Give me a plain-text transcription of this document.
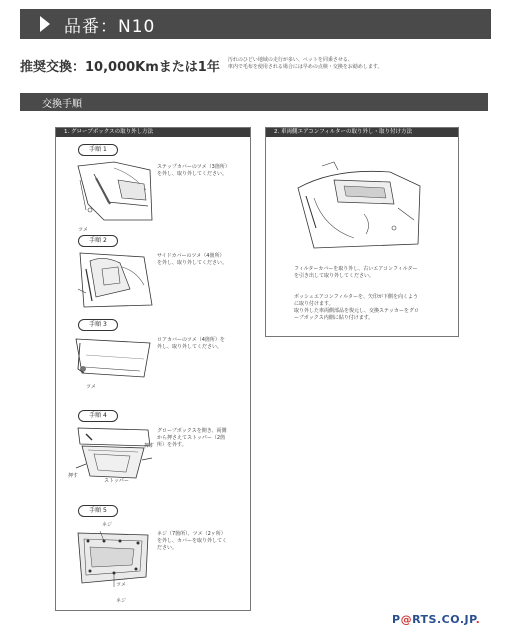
品番：N10
推奨交換：10,000Kmまたは1年 汚れのひどい地域の走行が多い、ペットを同乗させる、
車内で毛布を使用される場合には早めの点検・交換をお勧めします。
交換手順
1. グローブボックスの取り外し方法
手順 1
ツメ
ステップカバーのツメ（3箇所）
を外し、取り外してください。
手順 2
サイドカバーのツメ（4箇所）
を外し、取り外してください。
手順 3
ツメ
ロアカバーのツメ（4箇所）を
外し、取り外してください。
手順 4
押す
押す
ストッパー
グローブボックスを開き、両側
から押さえてストッパー（2箇
所）を外す。
手順 5
ネジ
ツメ
ネジ
ネジ（7箇所）、ツメ（2ヶ所）
を外し、カバーを取り外してく
ださい。
2. 車両側エアコンフィルターの取り外し・取り付け方法
フィルターカバーを取り外し、古いエアコンフィルター
を引き出して取り外してください。
ボッシュエアコンフィルターを、矢印が下側を向くよう
に取り付けます。
取り外した車両側部品を復元し、交換ステッカーをグロ
ーブボックス内側に貼り付けます。
P@RTS.CO.JP.
